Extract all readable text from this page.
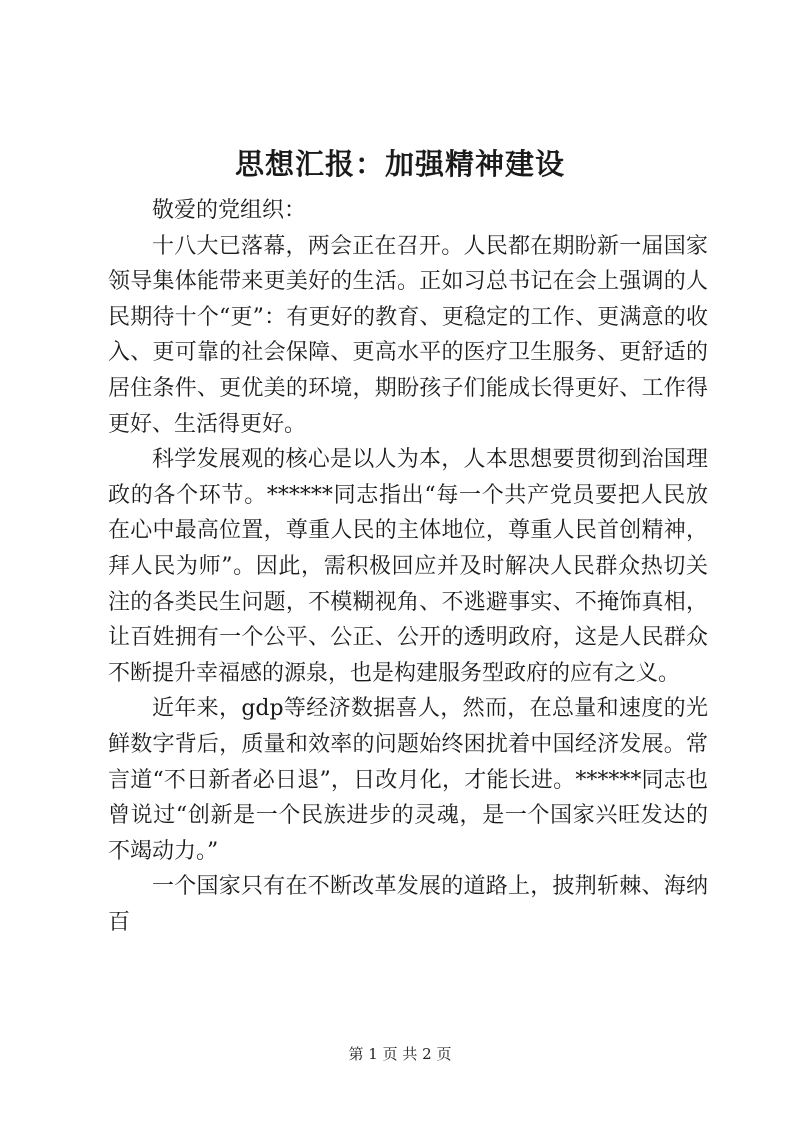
思想汇报：加强精神建设

敬爱的党组织：

十八大已落幕，两会正在召开。人民都在期盼新一届国家领导集体能带来更美好的生活。正如习总书记在会上强调的人民期待十个“更”：有更好的教育、更稳定的工作、更满意的收入、更可靠的社会保障、更高水平的医疗卫生服务、更舒适的居住条件、更优美的环境，期盼孩子们能成长得更好、工作得更好、生活得更好。

科学发展观的核心是以人为本，人本思想要贯彻到治国理政的各个环节。******同志指出“每一个共产党员要把人民放在心中最高位置，尊重人民的主体地位，尊重人民首创精神，拜人民为师”。因此，需积极回应并及时解决人民群众热切关注的各类民生问题，不模糊视角、不逃避事实、不掩饰真相，让百姓拥有一个公平、公正、公开的透明政府，这是人民群众不断提升幸福感的源泉，也是构建服务型政府的应有之义。

近年来，gdp等经济数据喜人，然而，在总量和速度的光鲜数字背后，质量和效率的问题始终困扰着中国经济发展。常言道“不日新者必日退”，日改月化，才能长进。******同志也曾说过“创新是一个民族进步的灵魂，是一个国家兴旺发达的不竭动力。”

一个国家只有在不断改革发展的道路上，披荆斩棘、海纳百

第 1 页 共 2 页
